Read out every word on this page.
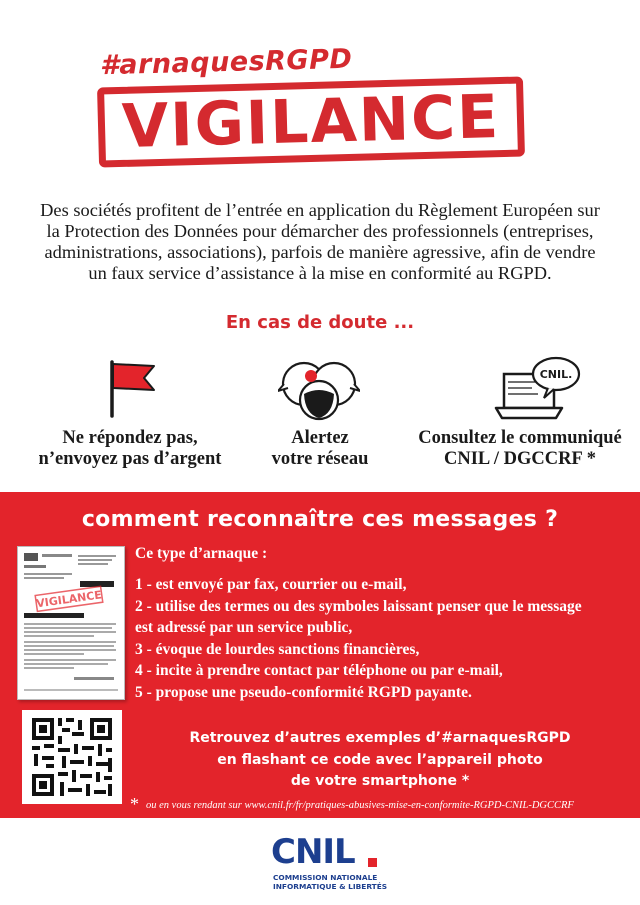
#arnaquesRGPD
VIGILANCE
Des sociétés profitent de l’entrée en application du Règlement Européen sur
la Protection des Données pour démarcher des professionnels (entreprises,
administrations, associations), parfois de manière agressive, afin de vendre
un faux service d’assistance à la mise en conformité au RGPD.
En cas de doute ...
Ne répondez pas,
n’envoyez pas d’argent
Alertez
votre réseau
CNIL.
Consultez le communiqué
CNIL / DGCCRF *
comment reconnaître ces messages ?
VIGILANCE
Ce type d’arnaque :
1 - est envoyé par fax, courrier ou e-mail,
2 - utilise des termes ou des symboles laissant penser que le message
est adressé par un service public,
3 - évoque de lourdes sanctions financières,
4 - incite à prendre contact par téléphone ou par e-mail,
5 - propose une pseudo-conformité RGPD payante.
Retrouvez d’autres exemples d’#arnaquesRGPD
en flashant ce code avec l’appareil photo
de votre smartphone *
* ou en vous rendant sur www.cnil.fr/fr/pratiques-abusives-mise-en-conformite-RGPD-CNIL-DGCCRF
CNIL
COMMISSION NATIONALE
INFORMATIQUE & LIBERTÉS
